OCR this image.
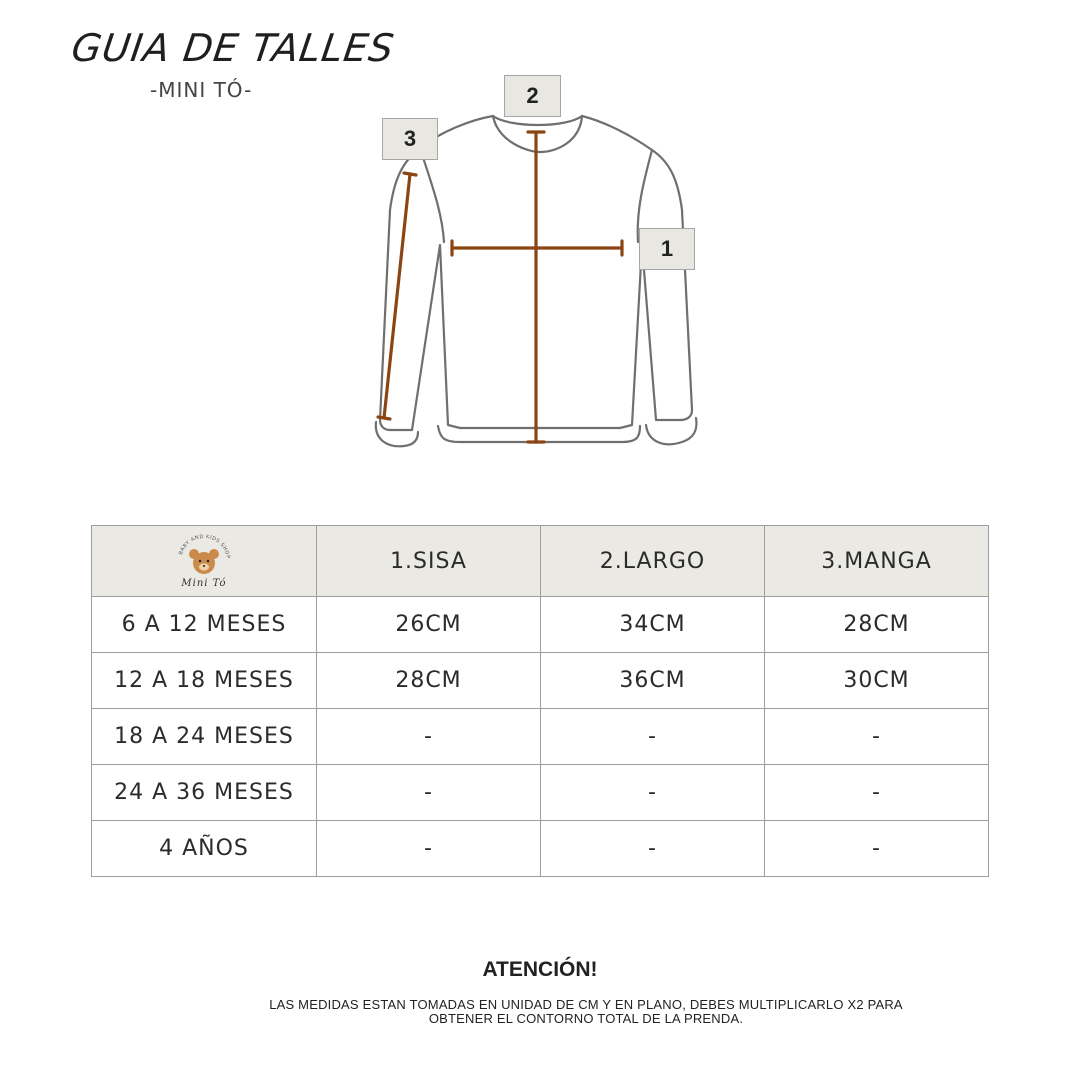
GUIA DE TALLES
-MINI TÓ-	2
3
1
BABY AND KIDS SHOP
Mini Tó	1.SISA	2.LARGO	3.MANGA
6 A 12 MESES	26CM	34CM	28CM
12 A 18 MESES	28CM	36CM	30CM
18 A 24 MESES	-	-	-
24 A 36 MESES	-	-	-
4 AÑOS	-	-	-
ATENCIÓN!
LAS MEDIDAS ESTAN TOMADAS EN UNIDAD DE CM Y EN PLANO, DEBES MULTIPLICARLO X2 PARA
OBTENER EL CONTORNO TOTAL DE LA PRENDA.
